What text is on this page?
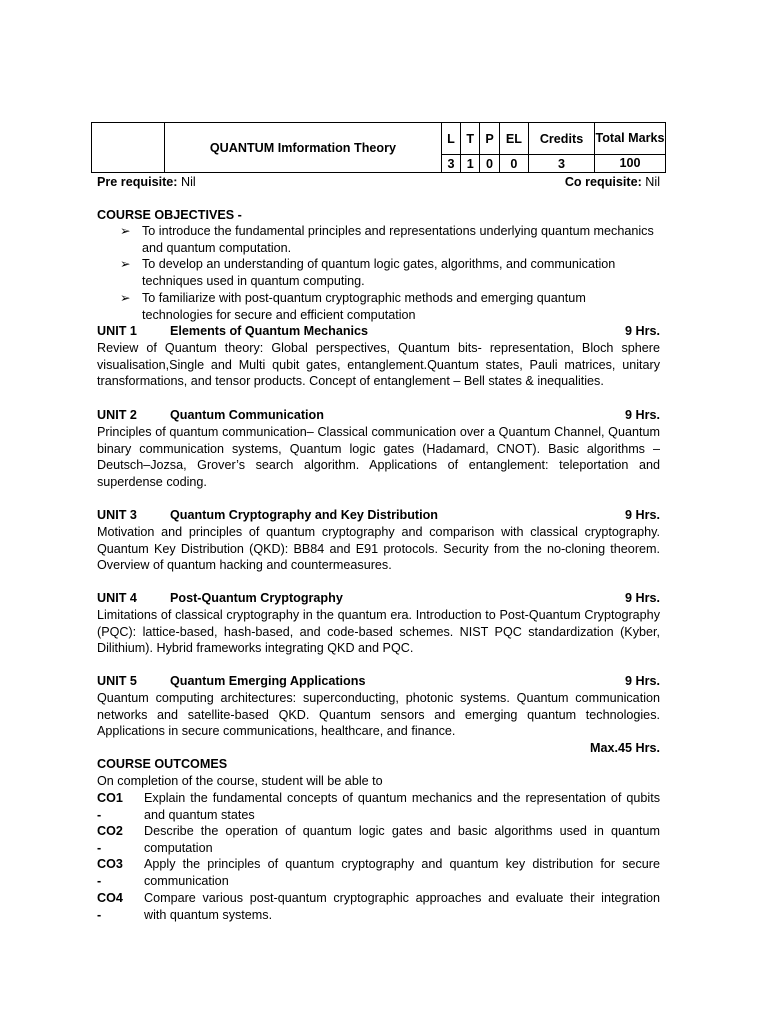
	QUANTUM Imformation Theory	L	T	P	EL	Credits	Total Marks
		3	1	0	0	3	100
Pre requisite: Nil	Co requisite: Nil
COURSE OBJECTIVES -
➢ To introduce the fundamental principles and representations underlying quantum mechanics and quantum computation.
➢ To develop an understanding of quantum logic gates, algorithms, and communication techniques used in quantum computing.
➢ To familiarize with post-quantum cryptographic methods and emerging quantum technologies for secure and efficient computation
UNIT 1	Elements of Quantum Mechanics	9 Hrs.
Review of Quantum theory: Global perspectives, Quantum bits- representation, Bloch sphere visualisation,Single and Multi qubit gates, entanglement.Quantum states, Pauli matrices, unitary transformations, and tensor products. Concept of entanglement – Bell states & inequalities.
UNIT 2	Quantum Communication	9 Hrs.
Principles of quantum communication– Classical communication over a Quantum Channel, Quantum binary communication systems, Quantum logic gates (Hadamard, CNOT). Basic algorithms – Deutsch–Jozsa, Grover’s search algorithm. Applications of entanglement: teleportation and superdense coding.
UNIT 3	Quantum Cryptography and Key Distribution	9 Hrs.
Motivation and principles of quantum cryptography and comparison with classical cryptography. Quantum Key Distribution (QKD): BB84 and E91 protocols. Security from the no-cloning theorem. Overview of quantum hacking and countermeasures.
UNIT 4	Post-Quantum Cryptography	9 Hrs.
Limitations of classical cryptography in the quantum era. Introduction to Post-Quantum Cryptography (PQC): lattice-based, hash-based, and code-based schemes. NIST PQC standardization (Kyber, Dilithium). Hybrid frameworks integrating QKD and PQC.
UNIT 5	Quantum Emerging Applications	9 Hrs.
Quantum computing architectures: superconducting, photonic systems. Quantum communication networks and satellite-based QKD. Quantum sensors and emerging quantum technologies. Applications in secure communications, healthcare, and finance.
Max.45 Hrs.
COURSE OUTCOMES
On completion of the course, student will be able to
CO1
-
Explain the fundamental concepts of quantum mechanics and the representation of qubits and quantum states
CO2
-
Describe the operation of quantum logic gates and basic algorithms used in quantum computation
CO3
-
Apply the principles of quantum cryptography and quantum key distribution for secure communication
CO4
-
Compare various post-quantum cryptographic approaches and evaluate their integration with quantum systems.
